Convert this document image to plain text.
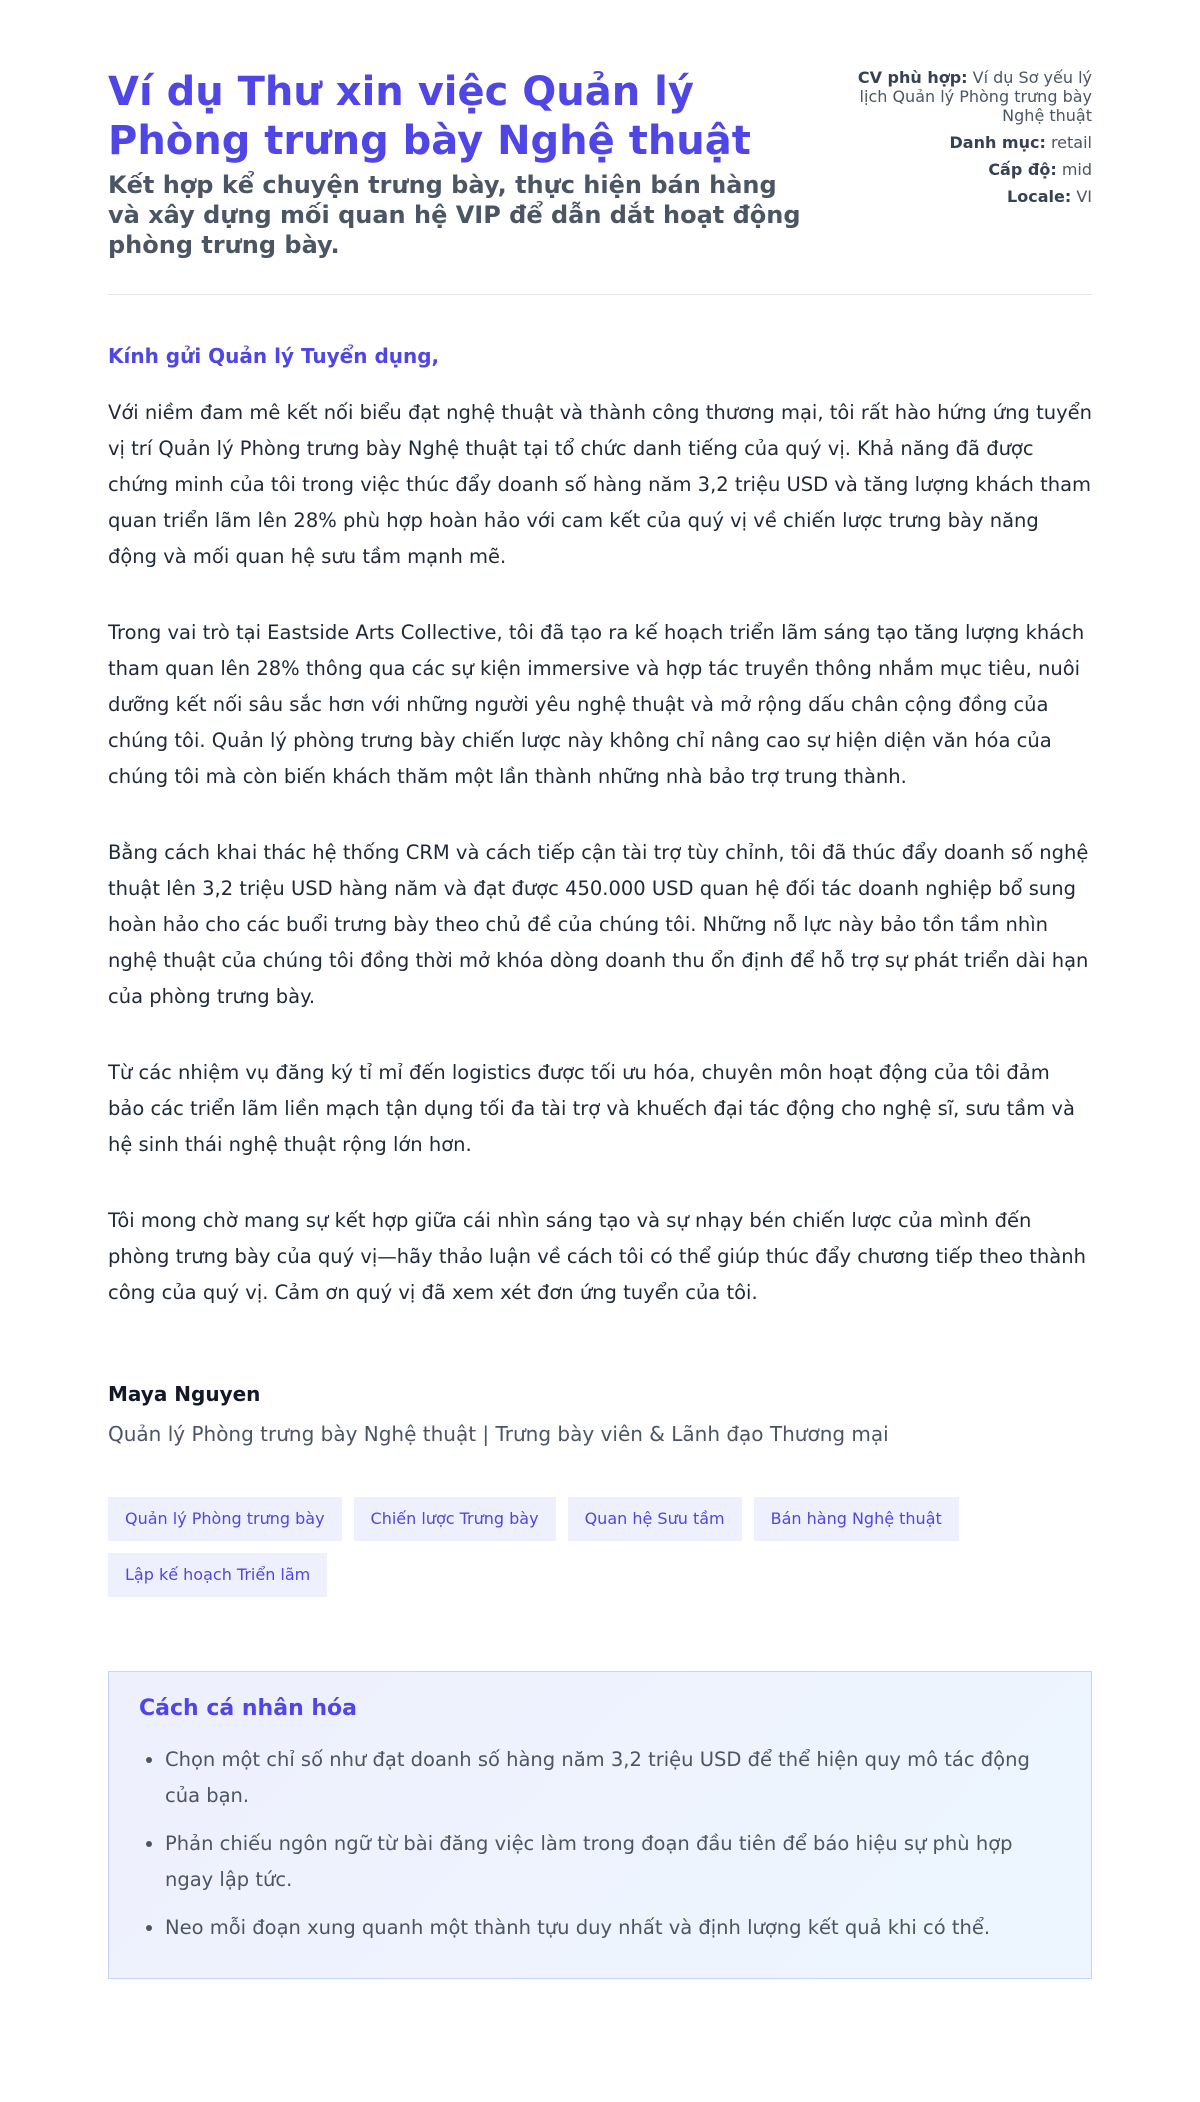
Ví dụ Thư xin việc Quản lý Phòng trưng bày Nghệ thuật
Kết hợp kể chuyện trưng bày, thực hiện bán hàng và xây dựng mối quan hệ VIP để dẫn dắt hoạt động phòng trưng bày.
CV phù hợp: Ví dụ Sơ yếu lý lịch Quản lý Phòng trưng bày Nghệ thuật
Danh mục: retail
Cấp độ: mid
Locale: VI
Kính gửi Quản lý Tuyển dụng,

Với niềm đam mê kết nối biểu đạt nghệ thuật và thành công thương mại, tôi rất hào hứng ứng tuyển vị trí Quản lý Phòng trưng bày Nghệ thuật tại tổ chức danh tiếng của quý vị. Khả năng đã được chứng minh của tôi trong việc thúc đẩy doanh số hàng năm 3,2 triệu USD và tăng lượng khách tham quan triển lãm lên 28% phù hợp hoàn hảo với cam kết của quý vị về chiến lược trưng bày năng động và mối quan hệ sưu tầm mạnh mẽ.

Trong vai trò tại Eastside Arts Collective, tôi đã tạo ra kế hoạch triển lãm sáng tạo tăng lượng khách tham quan lên 28% thông qua các sự kiện immersive và hợp tác truyền thông nhắm mục tiêu, nuôi dưỡng kết nối sâu sắc hơn với những người yêu nghệ thuật và mở rộng dấu chân cộng đồng của chúng tôi. Quản lý phòng trưng bày chiến lược này không chỉ nâng cao sự hiện diện văn hóa của chúng tôi mà còn biến khách thăm một lần thành những nhà bảo trợ trung thành.

Bằng cách khai thác hệ thống CRM và cách tiếp cận tài trợ tùy chỉnh, tôi đã thúc đẩy doanh số nghệ thuật lên 3,2 triệu USD hàng năm và đạt được 450.000 USD quan hệ đối tác doanh nghiệp bổ sung hoàn hảo cho các buổi trưng bày theo chủ đề của chúng tôi. Những nỗ lực này bảo tồn tầm nhìn nghệ thuật của chúng tôi đồng thời mở khóa dòng doanh thu ổn định để hỗ trợ sự phát triển dài hạn của phòng trưng bày.

Từ các nhiệm vụ đăng ký tỉ mỉ đến logistics được tối ưu hóa, chuyên môn hoạt động của tôi đảm bảo các triển lãm liền mạch tận dụng tối đa tài trợ và khuếch đại tác động cho nghệ sĩ, sưu tầm và hệ sinh thái nghệ thuật rộng lớn hơn.

Tôi mong chờ mang sự kết hợp giữa cái nhìn sáng tạo và sự nhạy bén chiến lược của mình đến phòng trưng bày của quý vị—hãy thảo luận về cách tôi có thể giúp thúc đẩy chương tiếp theo thành công của quý vị. Cảm ơn quý vị đã xem xét đơn ứng tuyển của tôi.

Maya Nguyen
Quản lý Phòng trưng bày Nghệ thuật | Trưng bày viên & Lãnh đạo Thương mại
Quản lý Phòng trưng bày	Chiến lược Trưng bày	Quan hệ Sưu tầm	Bán hàng Nghệ thuật
Lập kế hoạch Triển lãm
Cách cá nhân hóa
• Chọn một chỉ số như đạt doanh số hàng năm 3,2 triệu USD để thể hiện quy mô tác động của bạn.
• Phản chiếu ngôn ngữ từ bài đăng việc làm trong đoạn đầu tiên để báo hiệu sự phù hợp ngay lập tức.
• Neo mỗi đoạn xung quanh một thành tựu duy nhất và định lượng kết quả khi có thể.
